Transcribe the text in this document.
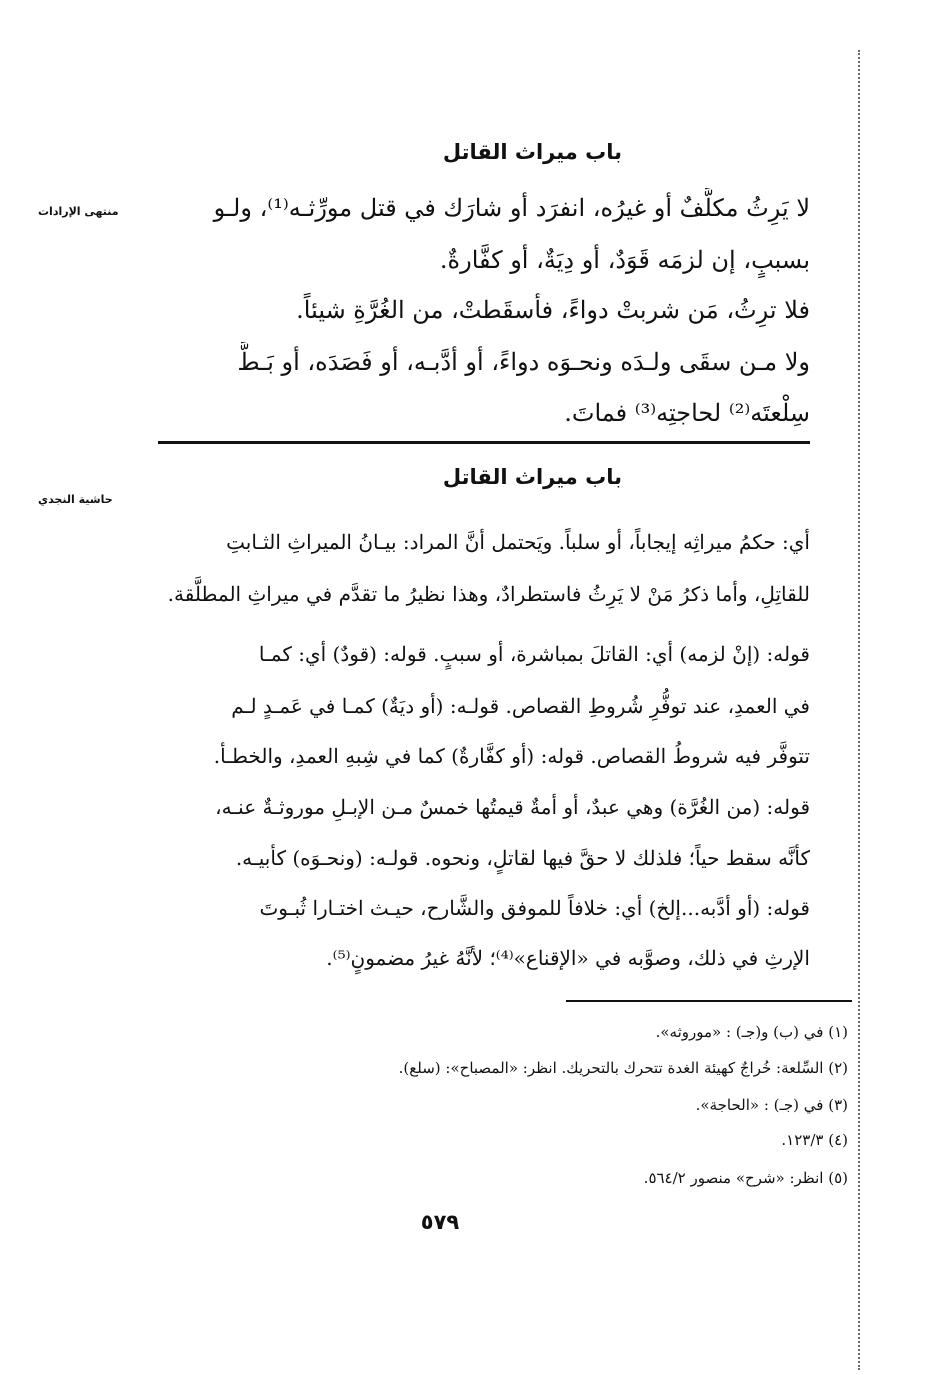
منتهى الإرادات
حاشية النجدي
باب ميراث القاتل
لا يَرِثُ مكلَّفٌ أو غيرُه، انفرَد أو شارَك في قتل مورِّثـه⁽¹⁾، ولـو
بسببٍ، إن لزمَه قَوَدٌ، أو دِيَةٌ، أو كفَّارةٌ.
فلا ترِثُ، مَن شربتْ دواءً، فأسقَطتْ، من الغُرَّةِ شيئاً.
ولا مـن سقَى ولـدَه ونحـوَه دواءً، أو أدَّبـه، أو فَصَدَه، أو بَـطَّ
سِلْعتَه⁽²⁾ لحاجتِه⁽³⁾ فماتَ.
باب ميراث القاتل
أي: حكمُ ميراثِه إيجاباً، أو سلباً. ويَحتمل أنَّ المراد: بيـانُ الميراثِ الثـابتِ
للقاتِلِ، وأما ذكرُ مَنْ لا يَرِثُ فاستطرادٌ، وهذا نظيرُ ما تقدَّم في ميراثِ المطلَّقة.
قوله: (إنْ لزمه) أي: القاتلَ بمباشرة، أو سببٍ. قوله: (قودٌ) أي: كمـا
في العمدِ، عند توفُّرِ شُروطِ القصاص. قولـه: (أو ديَةٌ) كمـا في عَمـدٍ لـم
تتوفَّر فيه شروطُ القصاص. قوله: (أو كفَّارةٌ) كما في شِبهِ العمدِ، والخطـأ.
قوله: (من الغُرَّة) وهي عبدٌ، أو أمةٌ قيمتُها خمسٌ مـن الإبـلِ موروثـةٌ عنـه،
كأنَّه سقط حياً؛ فلذلك لا حقَّ فيها لقاتلٍ، ونحوه. قولـه: (ونحـوَه) كأبيـه.
قوله: (أو أدَّبه...إلخ) أي: خلافاً للموفق والشَّارح، حيـث اختـارا ثُبـوتَ
الإرثِ في ذلك، وصوَّبه في «الإقناع»⁽⁴⁾؛ لأنَّهُ غيرُ مضمونٍ⁽⁵⁾.
(١) في (ب) و(جـ) : «موروثه».
(٢) السِّلعة: خُراجٌ كهيئة الغدة تتحرك بالتحريك. انظر: «المصباح»: (سلع).
(٣) في (جـ) : «الحاجة».
(٤) ١٢٣/٣.
(٥) انظر: «شرح» منصور ٥٦٤/٢.
٥٧٩
